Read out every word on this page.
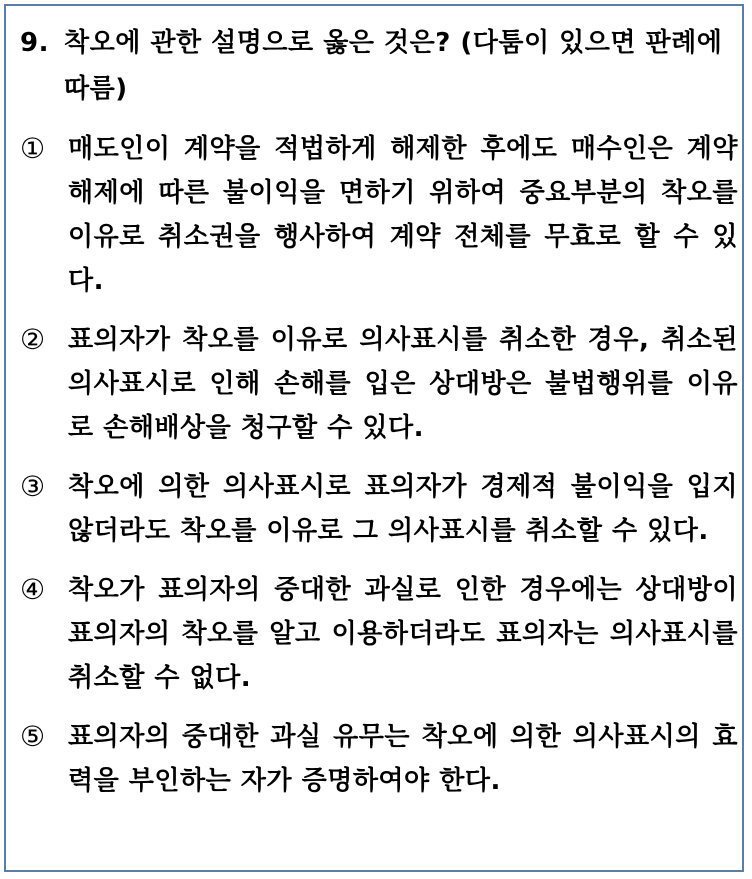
9. 착오에 관한 설명으로 옳은 것은? (다툼이 있으면 판례에 따름)
① 매도인이 계약을 적법하게 해제한 후에도 매수인은 계약해제에 따른 불이익을 면하기 위하여 중요부분의 착오를 이유로 취소권을 행사하여 계약 전체를 무효로 할 수 있다.
② 표의자가 착오를 이유로 의사표시를 취소한 경우, 취소된 의사표시로 인해 손해를 입은 상대방은 불법행위를 이유로 손해배상을 청구할 수 있다.
③ 착오에 의한 의사표시로 표의자가 경제적 불이익을 입지 않더라도 착오를 이유로 그 의사표시를 취소할 수 있다.
④ 착오가 표의자의 중대한 과실로 인한 경우에는 상대방이 표의자의 착오를 알고 이용하더라도 표의자는 의사표시를 취소할 수 없다.
⑤ 표의자의 중대한 과실 유무는 착오에 의한 의사표시의 효력을 부인하는 자가 증명하여야 한다.
